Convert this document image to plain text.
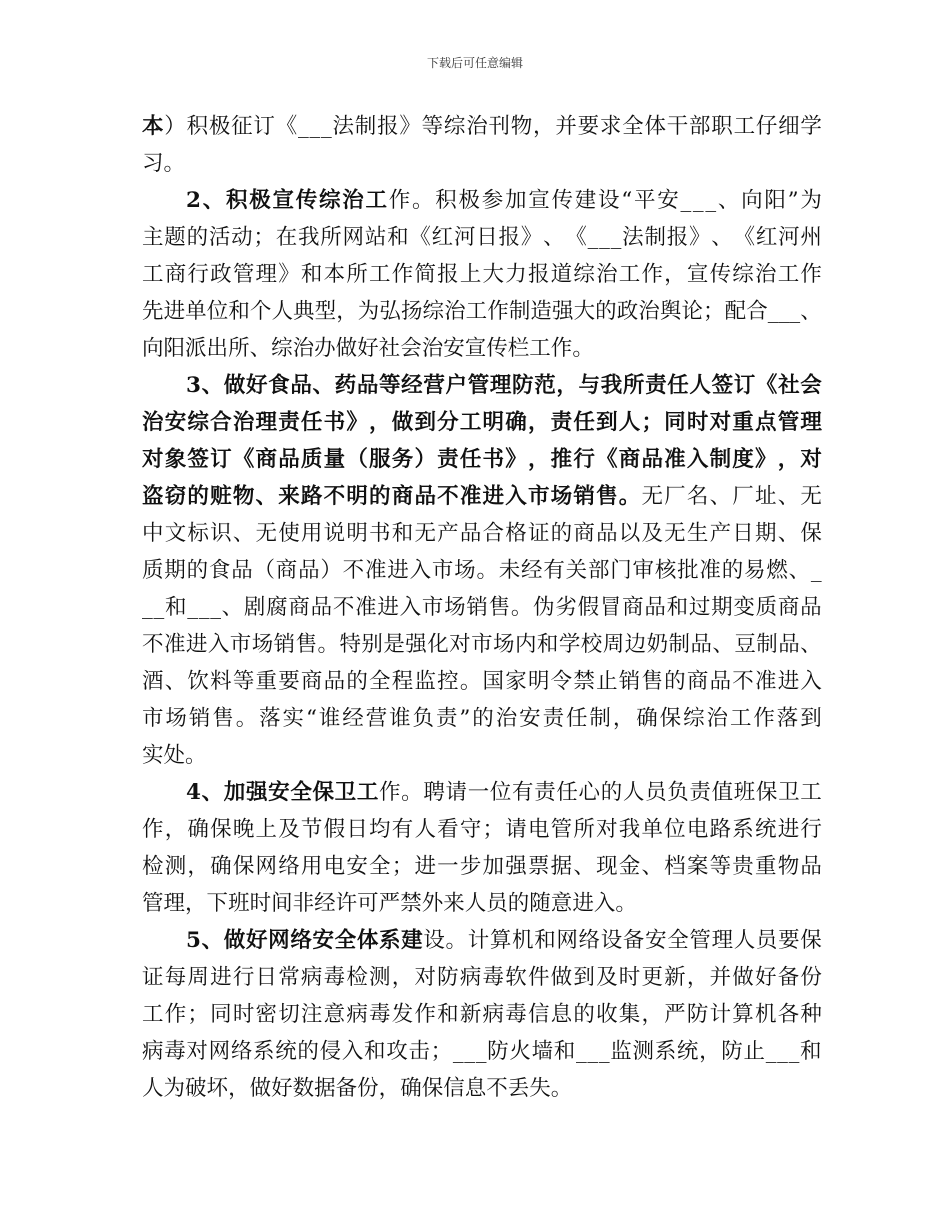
下载后可任意编辑
本 ） 积 极 征 订 《 _ _ _ 法 制 报 》 等 综 治 刊 物 ， 并 要 求 全 体 干 部 职 工 仔 细 学
习 。
2 、 积 极 宣 传 综 治 工 作 。 积 极 参 加 宣 传 建 设 “ 平 安 _ _ _ 、 向 阳 ” 为
主 题 的 活 动 ； 在 我 所 网 站 和 《 红 河 日 报 》 、 《 _ _ _ 法 制 报 》 、 《 红 河 州
工 商 行 政 管 理 》 和 本 所 工 作 简 报 上 大 力 报 道 综 治 工 作 ， 宣 传 综 治 工 作
先 进 单 位 和 个 人 典 型 ， 为 弘 扬 综 治 工 作 制 造 强 大 的 政 治 舆 论 ； 配 合 _ _ _ 、
向 阳 派 出 所 、 综 治 办 做 好 社 会 治 安 宣 传 栏 工 作 。
3 、 做 好 食 品 、 药 品 等 经 营 户 管 理 防 范 ， 与 我 所 责 任 人 签 订 《 社 会
治 安 综 合 治 理 责 任 书 》 ， 做 到 分 工 明 确 ， 责 任 到 人 ； 同 时 对 重 点 管 理
对 象 签 订 《 商 品 质 量 （ 服 务 ） 责 任 书 》 ， 推 行 《 商 品 准 入 制 度 》 ， 对
盗 窃 的 赃 物 、 来 路 不 明 的 商 品 不 准 进 入 市 场 销 售 。 无 厂 名 、 厂 址 、 无
中 文 标 识 、 无 使 用 说 明 书 和 无 产 品 合 格 证 的 商 品 以 及 无 生 产 日 期 、 保
质 期 的 食 品 （ 商 品 ） 不 准 进 入 市 场 。 未 经 有 关 部 门 审 核 批 准 的 易 燃 、 _
_ _ 和 _ _ _ 、 剧 腐 商 品 不 准 进 入 市 场 销 售 。 伪 劣 假 冒 商 品 和 过 期 变 质 商 品
不 准 进 入 市 场 销 售 。 特 别 是 强 化 对 市 场 内 和 学 校 周 边 奶 制 品 、 豆 制 品 、
酒 、 饮 料 等 重 要 商 品 的 全 程 监 控 。 国 家 明 令 禁 止 销 售 的 商 品 不 准 进 入
市 场 销 售 。 落 实 “ 谁 经 营 谁 负 责 ” 的 治 安 责 任 制 ， 确 保 综 治 工 作 落 到
实 处 。
4 、 加 强 安 全 保 卫 工 作 。 聘 请 一 位 有 责 任 心 的 人 员 负 责 值 班 保 卫 工
作 ， 确 保 晚 上 及 节 假 日 均 有 人 看 守 ； 请 电 管 所 对 我 单 位 电 路 系 统 进 行
检 测 ， 确 保 网 络 用 电 安 全 ； 进 一 步 加 强 票 据 、 现 金 、 档 案 等 贵 重 物 品
管 理 ， 下 班 时 间 非 经 许 可 严 禁 外 来 人 员 的 随 意 进 入 。
5 、 做 好 网 络 安 全 体 系 建 设 。 计 算 机 和 网 络 设 备 安 全 管 理 人 员 要 保
证 每 周 进 行 日 常 病 毒 检 测 ， 对 防 病 毒 软 件 做 到 及 时 更 新 ， 并 做 好 备 份
工 作 ； 同 时 密 切 注 意 病 毒 发 作 和 新 病 毒 信 息 的 收 集 ， 严 防 计 算 机 各 种
病 毒 对 网 络 系 统 的 侵 入 和 攻 击 ； _ _ _ 防 火 墙 和 _ _ _ 监 测 系 统 ， 防 止 _ _ _ 和
人 为 破 坏 ， 做 好 数 据 备 份 ， 确 保 信 息 不 丢 失 。
